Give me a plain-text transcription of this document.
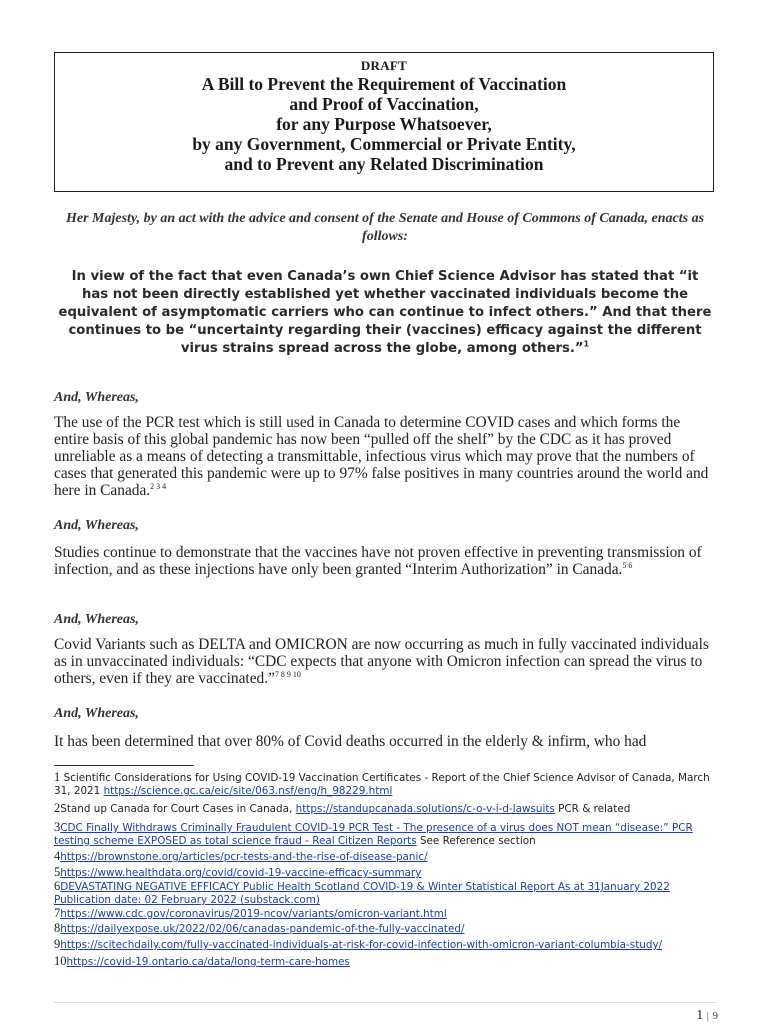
DRAFT
A Bill to Prevent the Requirement of Vaccination
and Proof of Vaccination,
for any Purpose Whatsoever,
by any Government, Commercial or Private Entity,
and to Prevent any Related Discrimination
Her Majesty, by an act with the advice and consent of the Senate and House of Commons of Canada, enacts as follows:
In view of the fact that even Canada’s own Chief Science Advisor has stated that “it has not been directly established yet whether vaccinated individuals become the equivalent of asymptomatic carriers who can continue to infect others.” And that there continues to be “uncertainty regarding their (vaccines) efficacy against the different virus strains spread across the globe, among others.”$^1$
And, Whereas,
The use of the PCR test which is still used in Canada to determine COVID cases and which forms the entire basis of this global pandemic has now been “pulled off the shelf” by the CDC as it has proved unreliable as a means of detecting a transmittable, infectious virus which may prove that the numbers of cases that generated this pandemic were up to 97% false positives in many countries around the world and here in Canada.$^{2 3 4}$
And, Whereas,
Studies continue to demonstrate that the vaccines have not proven effective in preventing transmission of infection, and as these injections have only been granted “Interim Authorization” in Canada.$^{5 6}$
And, Whereas,
Covid Variants such as DELTA and OMICRON are now occurring as much in fully vaccinated individuals as in unvaccinated individuals: “CDC expects that anyone with Omicron infection can spread the virus to others, even if they are vaccinated.”$^{7 8 9 10}$
And, Whereas,
It has been determined that over 80% of Covid deaths occurred in the elderly & infirm, who had
1 Scientific Considerations for Using COVID-19 Vaccination Certificates - Report of the Chief Science Advisor of Canada, March 31, 2021 https://science.gc.ca/eic/site/063.nsf/eng/h_98229.html
2Stand up Canada for Court Cases in Canada, https://standupcanada.solutions/c-o-v-i-d-lawsuits PCR & related
3CDC Finally Withdraws Criminally Fraudulent COVID-19 PCR Test - The presence of a virus does NOT mean “disease:” PCR testing scheme EXPOSED as total science fraud - Real Citizen Reports See Reference section
4https://brownstone.org/articles/pcr-tests-and-the-rise-of-disease-panic/
5https://www.healthdata.org/covid/covid-19-vaccine-efficacy-summary
6DEVASTATING NEGATIVE EFFICACY Public Health Scotland COVID-19 & Winter Statistical Report As at 31January 2022 Publication date: 02 February 2022 (substack.com)
7https://www.cdc.gov/coronavirus/2019-ncov/variants/omicron-variant.html
8https://dailyexpose.uk/2022/02/06/canadas-pandemic-of-the-fully-vaccinated/
9https://scitechdaily.com/fully-vaccinated-individuals-at-risk-for-covid-infection-with-omicron-variant-columbia-study/
10https://covid-19.ontario.ca/data/long-term-care-homes
1 | 9
